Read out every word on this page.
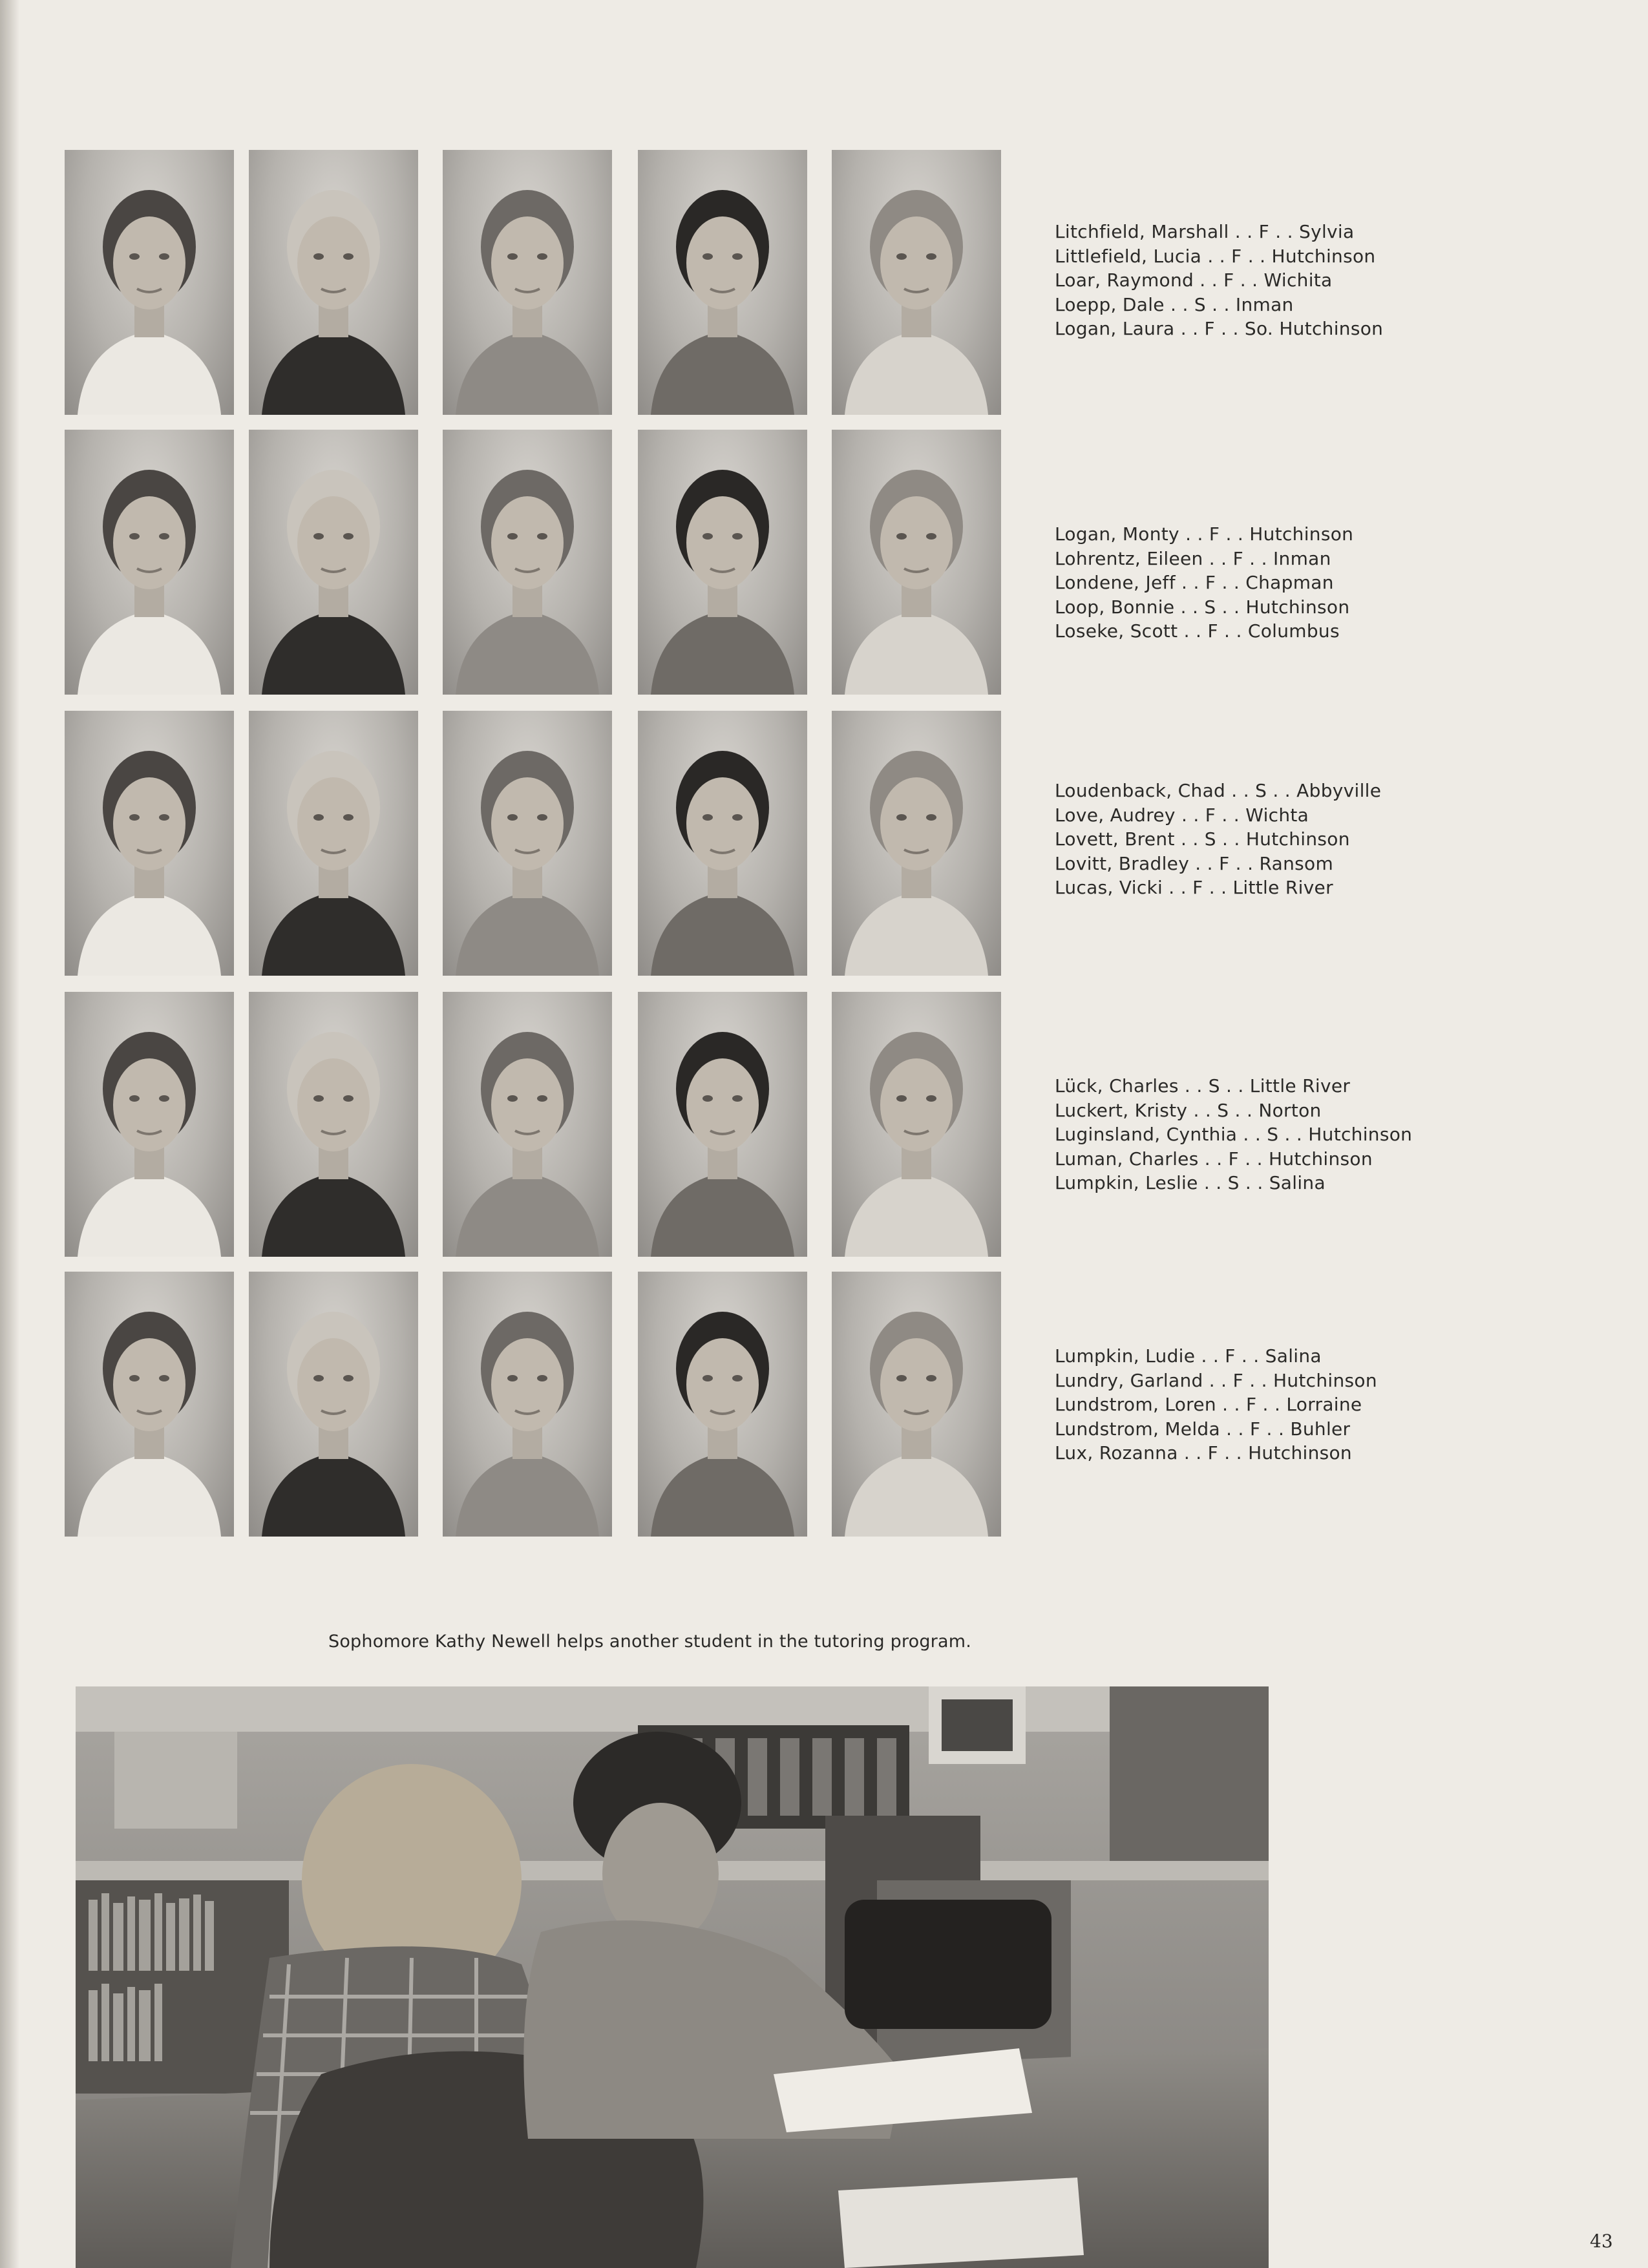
Sophomore Kathy Newell helps another student in the tutoring program.
43
Litchfield, Marshall . . F . . Sylvia
Littlefield, Lucia . . F . . Hutchinson
Loar, Raymond . . F . . Wichita
Loepp, Dale . . S . . Inman
Logan, Laura . . F . . So. Hutchinson
Logan, Monty . . F . . Hutchinson
Lohrentz, Eileen . . F . . Inman
Londene, Jeff . . F . . Chapman
Loop, Bonnie . . S . . Hutchinson
Loseke, Scott . . F . . Columbus
Loudenback, Chad . . S . . Abbyville
Love, Audrey . . F . . Wichta
Lovett, Brent . . S . . Hutchinson
Lovitt, Bradley . . F . . Ransom
Lucas, Vicki . . F . . Little River
Lück, Charles . . S . . Little River
Luckert, Kristy . . S . . Norton
Luginsland, Cynthia . . S . . Hutchinson
Luman, Charles . . F . . Hutchinson
Lumpkin, Leslie . . S . . Salina
Lumpkin, Ludie . . F . . Salina
Lundry, Garland . . F . . Hutchinson
Lundstrom, Loren . . F . . Lorraine
Lundstrom, Melda . . F . . Buhler
Lux, Rozanna . . F . . Hutchinson
